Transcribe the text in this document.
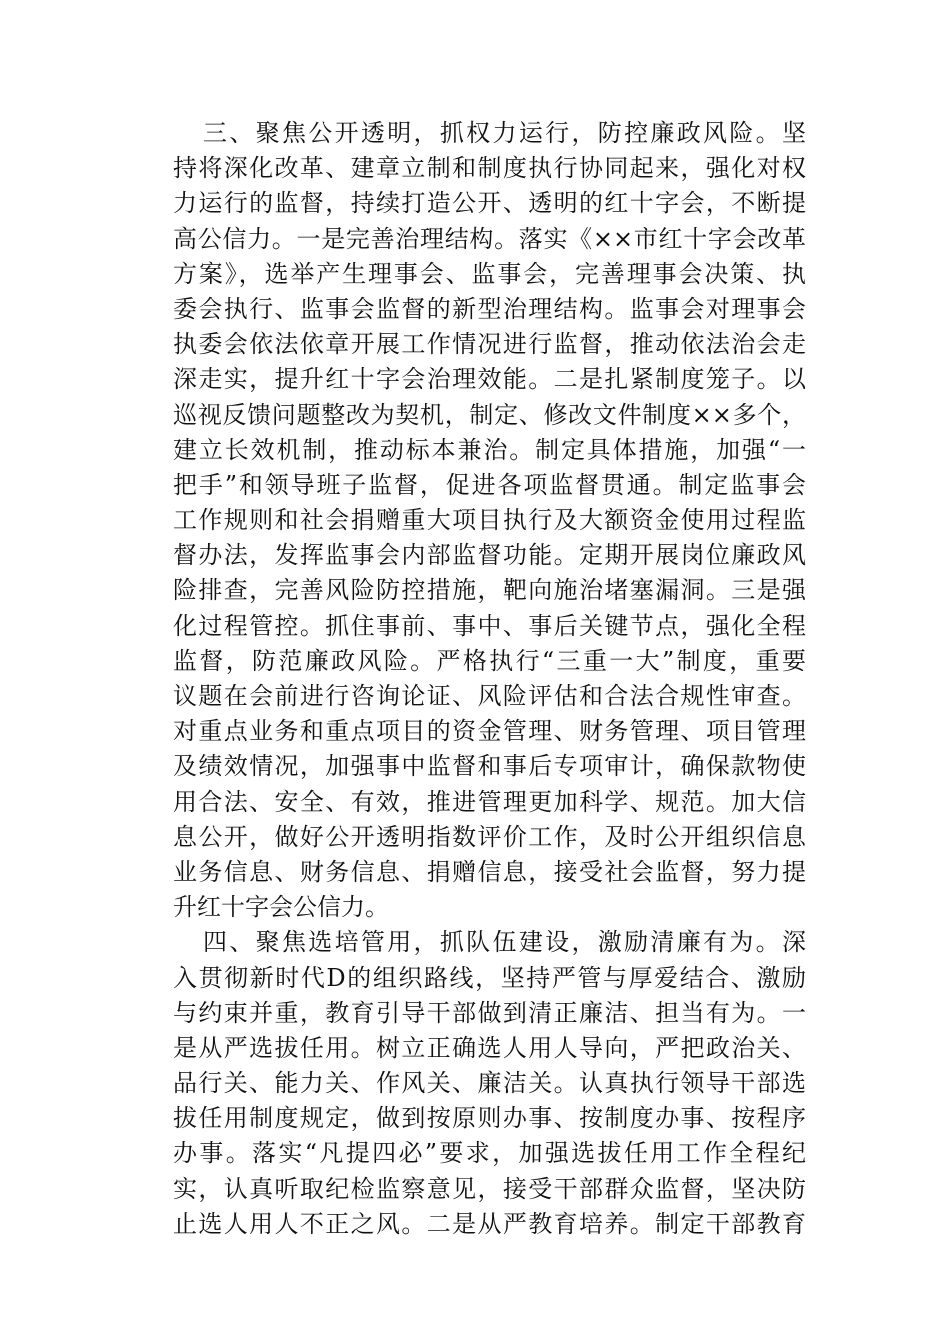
三、聚焦公开透明，抓权力运行，防控廉政风险。坚
持将深化改革、建章立制和制度执行协同起来，强化对权
力运行的监督，持续打造公开、透明的红十字会，不断提
高公信力。一是完善治理结构。落实《××市红十字会改革
方案》，选举产生理事会、监事会，完善理事会决策、执
委会执行、监事会监督的新型治理结构。监事会对理事会
执委会依法依章开展工作情况进行监督，推动依法治会走
深走实，提升红十字会治理效能。二是扎紧制度笼子。以
巡视反馈问题整改为契机，制定、修改文件制度××多个，
建立长效机制，推动标本兼治。制定具体措施，加强“一
把手”和领导班子监督，促进各项监督贯通。制定监事会
工作规则和社会捐赠重大项目执行及大额资金使用过程监
督办法，发挥监事会内部监督功能。定期开展岗位廉政风
险排查，完善风险防控措施，靶向施治堵塞漏洞。三是强
化过程管控。抓住事前、事中、事后关键节点，强化全程
监督，防范廉政风险。严格执行“三重一大”制度，重要
议题在会前进行咨询论证、风险评估和合法合规性审查。
对重点业务和重点项目的资金管理、财务管理、项目管理
及绩效情况，加强事中监督和事后专项审计，确保款物使
用合法、安全、有效，推进管理更加科学、规范。加大信
息公开，做好公开透明指数评价工作，及时公开组织信息
业务信息、财务信息、捐赠信息，接受社会监督，努力提
升红十字会公信力。
四、聚焦选培管用，抓队伍建设，激励清廉有为。深
入贯彻新时代D的组织路线，坚持严管与厚爱结合、激励
与约束并重，教育引导干部做到清正廉洁、担当有为。一
是从严选拔任用。树立正确选人用人导向，严把政治关、
品行关、能力关、作风关、廉洁关。认真执行领导干部选
拔任用制度规定，做到按原则办事、按制度办事、按程序
办事。落实“凡提四必”要求，加强选拔任用工作全程纪
实，认真听取纪检监察意见，接受干部群众监督，坚决防
止选人用人不正之风。二是从严教育培养。制定干部教育
